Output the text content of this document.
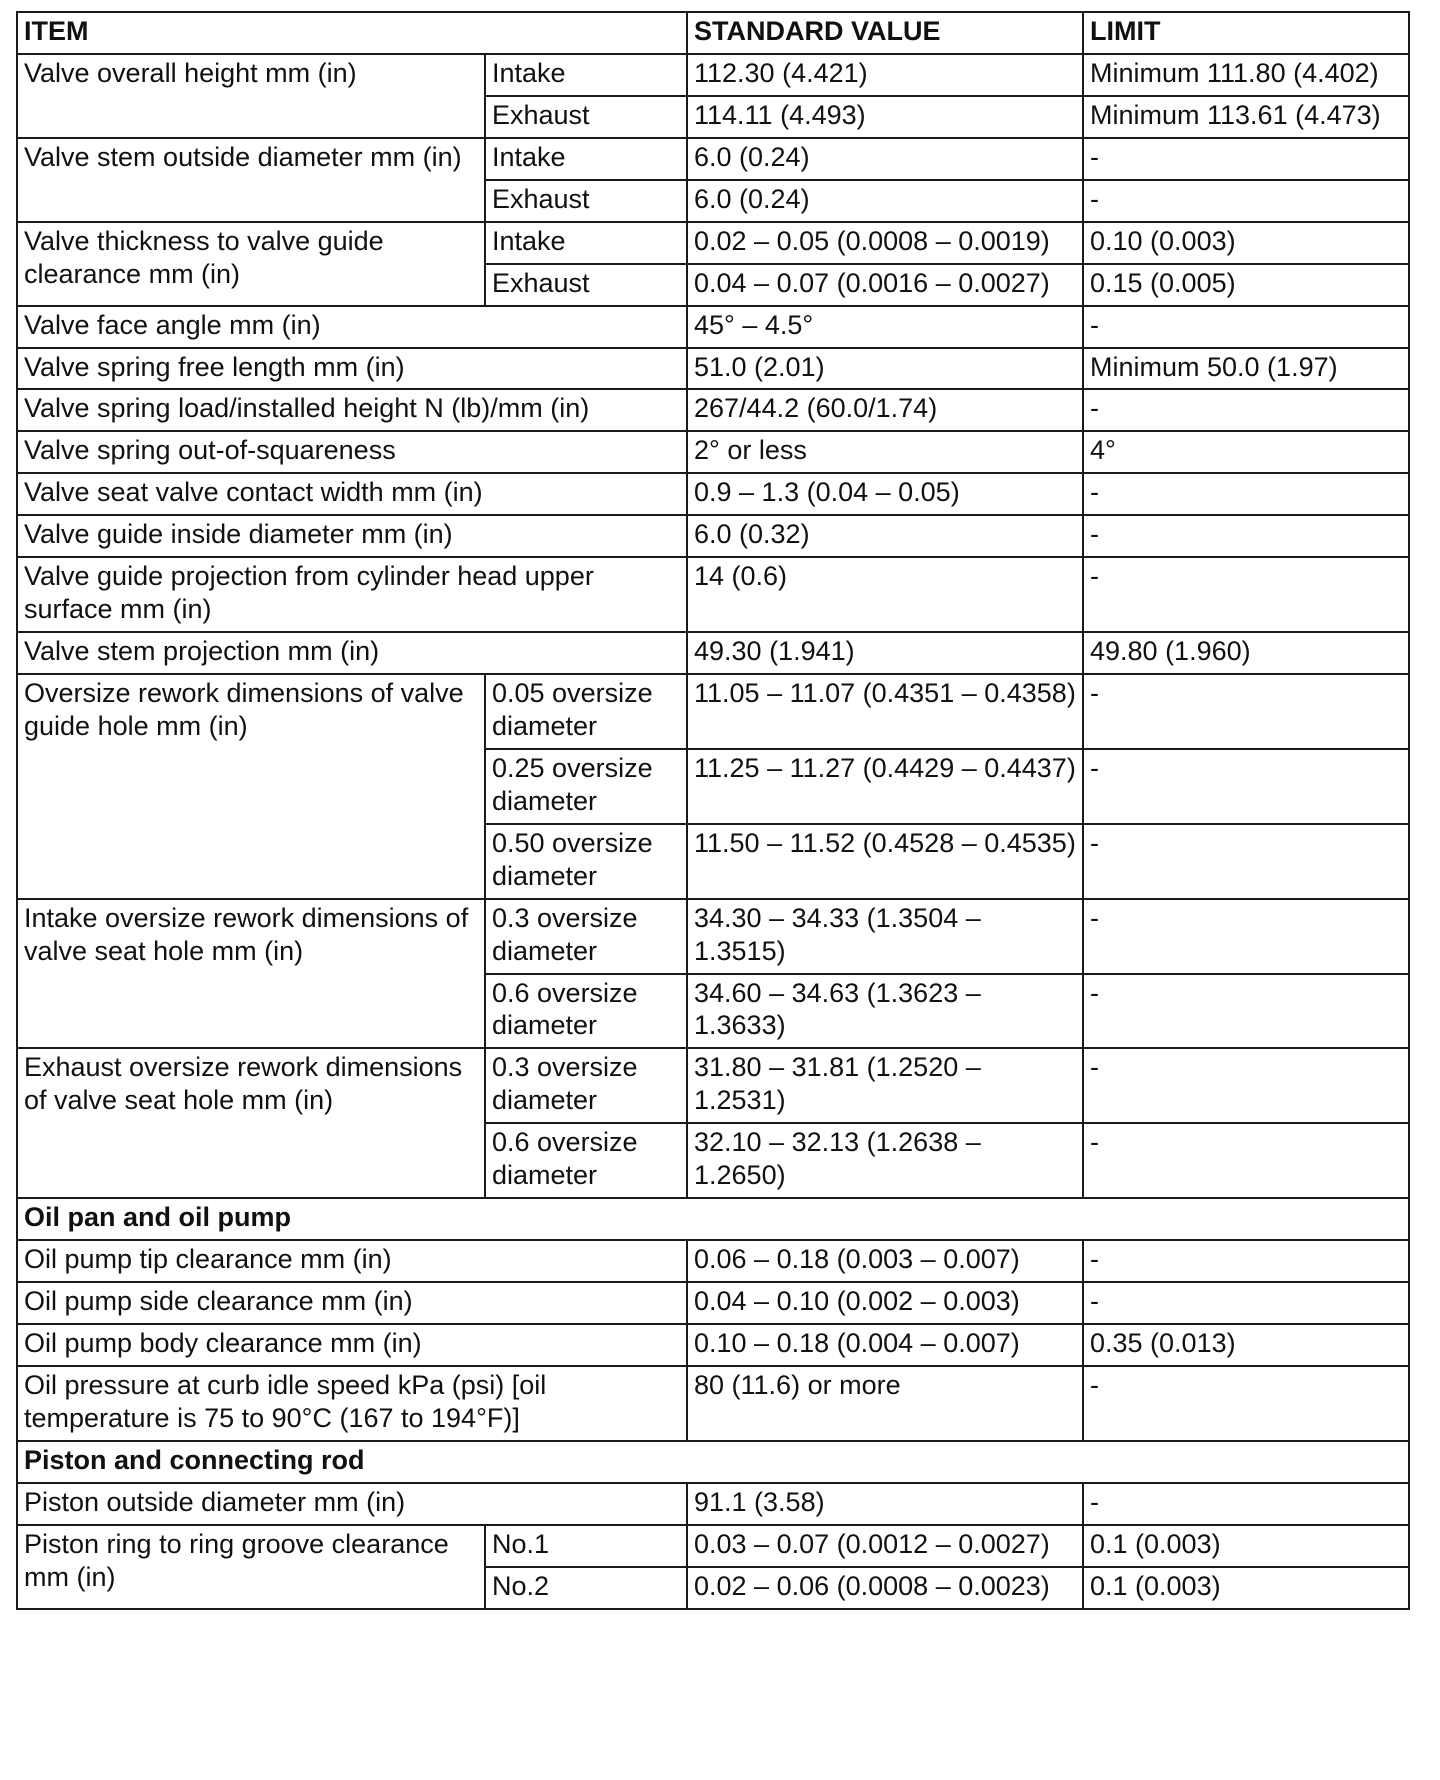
ITEM		STANDARD VALUE	LIMIT
Valve overall height mm (in)	Intake	112.30 (4.421)	Minimum 111.80 (4.402)
	Exhaust	114.11 (4.493)	Minimum 113.61 (4.473)
Valve stem outside diameter mm (in)	Intake	6.0 (0.24)	-
	Exhaust	6.0 (0.24)	-
Valve thickness to valve guide clearance mm (in)	Intake	0.02 – 0.05 (0.0008 – 0.0019)	0.10 (0.003)
	Exhaust	0.04 – 0.07 (0.0016 – 0.0027)	0.15 (0.005)
Valve face angle mm (in)		45° – 4.5°	-
Valve spring free length mm (in)		51.0 (2.01)	Minimum 50.0 (1.97)
Valve spring load/installed height N (lb)/mm (in)		267/44.2 (60.0/1.74)	-
Valve spring out-of-squareness		2° or less	4°
Valve seat valve contact width mm (in)		0.9 – 1.3 (0.04 – 0.05)	-
Valve guide inside diameter mm (in)		6.0 (0.32)	-
Valve guide projection from cylinder head upper surface mm (in)		14 (0.6)	-
Valve stem projection mm (in)		49.30 (1.941)	49.80 (1.960)
Oversize rework dimensions of valve guide hole mm (in)	0.05 oversize diameter	11.05 – 11.07 (0.4351 – 0.4358)	-
	0.25 oversize diameter	11.25 – 11.27 (0.4429 – 0.4437)	-
	0.50 oversize diameter	11.50 – 11.52 (0.4528 – 0.4535)	-
Intake oversize rework dimensions of valve seat hole mm (in)	0.3 oversize diameter	34.30 – 34.33 (1.3504 – 1.3515)	-
	0.6 oversize diameter	34.60 – 34.63 (1.3623 – 1.3633)	-
Exhaust oversize rework dimensions of valve seat hole mm (in)	0.3 oversize diameter	31.80 – 31.81 (1.2520 – 1.2531)	-
	0.6 oversize diameter	32.10 – 32.13 (1.2638 – 1.2650)	-
Oil pan and oil pump			
Oil pump tip clearance mm (in)		0.06 – 0.18 (0.003 – 0.007)	-
Oil pump side clearance mm (in)		0.04 – 0.10 (0.002 – 0.003)	-
Oil pump body clearance mm (in)		0.10 – 0.18 (0.004 – 0.007)	0.35 (0.013)
Oil pressure at curb idle speed kPa (psi) [oil temperature is 75 to 90°C (167 to 194°F)]		80 (11.6) or more	-
Piston and connecting rod			
Piston outside diameter mm (in)		91.1 (3.58)	-
Piston ring to ring groove clearance mm (in)	No.1	0.03 – 0.07 (0.0012 – 0.0027)	0.1 (0.003)
	No.2	0.02 – 0.06 (0.0008 – 0.0023)	0.1 (0.003)
